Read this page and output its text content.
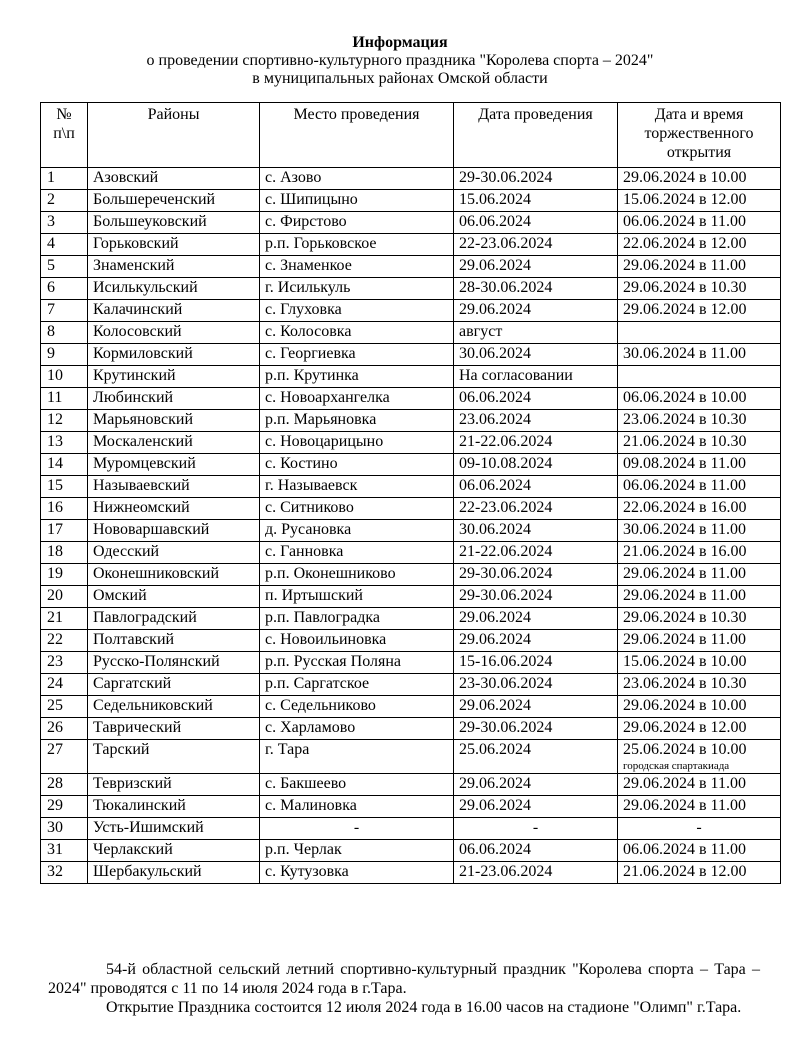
Информация
о проведении спортивно-культурного праздника "Королева спорта – 2024"
в муниципальных районах Омской области
№ п\п	Районы	Место проведения	Дата проведения	Дата и время торжественного открытия
1	Азовский	с. Азово	29-30.06.2024	29.06.2024 в 10.00
2	Большереченский	с. Шипицыно	15.06.2024	15.06.2024 в 12.00
3	Большеуковский	с. Фирстово	06.06.2024	06.06.2024 в 11.00
4	Горьковский	р.п. Горьковское	22-23.06.2024	22.06.2024 в 12.00
5	Знаменский	с. Знаменкое	29.06.2024	29.06.2024 в 11.00
6	Исилькульский	г. Исилькуль	28-30.06.2024	29.06.2024 в 10.30
7	Калачинский	с. Глуховка	29.06.2024	29.06.2024 в 12.00
8	Колосовский	с. Колосовка	август	
9	Кормиловский	с. Георгиевка	30.06.2024	30.06.2024 в 11.00
10	Крутинский	р.п. Крутинка	На согласовании	
11	Любинский	с. Новоархангелка	06.06.2024	06.06.2024 в 10.00
12	Марьяновский	р.п. Марьяновка	23.06.2024	23.06.2024 в 10.30
13	Москаленский	с. Новоцарицыно	21-22.06.2024	21.06.2024 в 10.30
14	Муромцевский	с. Костино	09-10.08.2024	09.08.2024 в 11.00
15	Называевский	г. Называевск	06.06.2024	06.06.2024 в 11.00
16	Нижнеомский	с. Ситниково	22-23.06.2024	22.06.2024 в 16.00
17	Нововаршавский	д. Русановка	30.06.2024	30.06.2024 в 11.00
18	Одесский	с. Ганновка	21-22.06.2024	21.06.2024 в 16.00
19	Оконешниковский	р.п. Оконешниково	29-30.06.2024	29.06.2024 в 11.00
20	Омский	п. Иртышский	29-30.06.2024	29.06.2024 в 11.00
21	Павлоградский	р.п. Павлоградка	29.06.2024	29.06.2024 в 10.30
22	Полтавский	с. Новоильиновка	29.06.2024	29.06.2024 в 11.00
23	Русско-Полянский	р.п. Русская Поляна	15-16.06.2024	15.06.2024 в 10.00
24	Саргатский	р.п. Саргатское	23-30.06.2024	23.06.2024 в 10.30
25	Седельниковский	с. Седельниково	29.06.2024	29.06.2024 в 10.00
26	Таврический	с. Харламово	29-30.06.2024	29.06.2024 в 12.00
27	Тарский	г. Тара	25.06.2024	25.06.2024 в 10.00
городская спартакиада

28	Тевризский	с. Бакшеево	29.06.2024	29.06.2024 в 11.00
29	Тюкалинский	с. Малиновка	29.06.2024	29.06.2024 в 11.00
30	Усть-Ишимский	-	-	-
31	Черлакский	р.п. Черлак	06.06.2024	06.06.2024 в 11.00
32	Шербакульский	с. Кутузовка	21-23.06.2024	21.06.2024 в 12.00

54-й областной сельский летний спортивно-культурный праздник "Королева спорта – Тара – 2024" проводятся с 11 по 14 июля 2024 года в г.Тара.

Открытие Праздника состоится 12 июля 2024 года в 16.00 часов на стадионе "Олимп" г.Тара.
